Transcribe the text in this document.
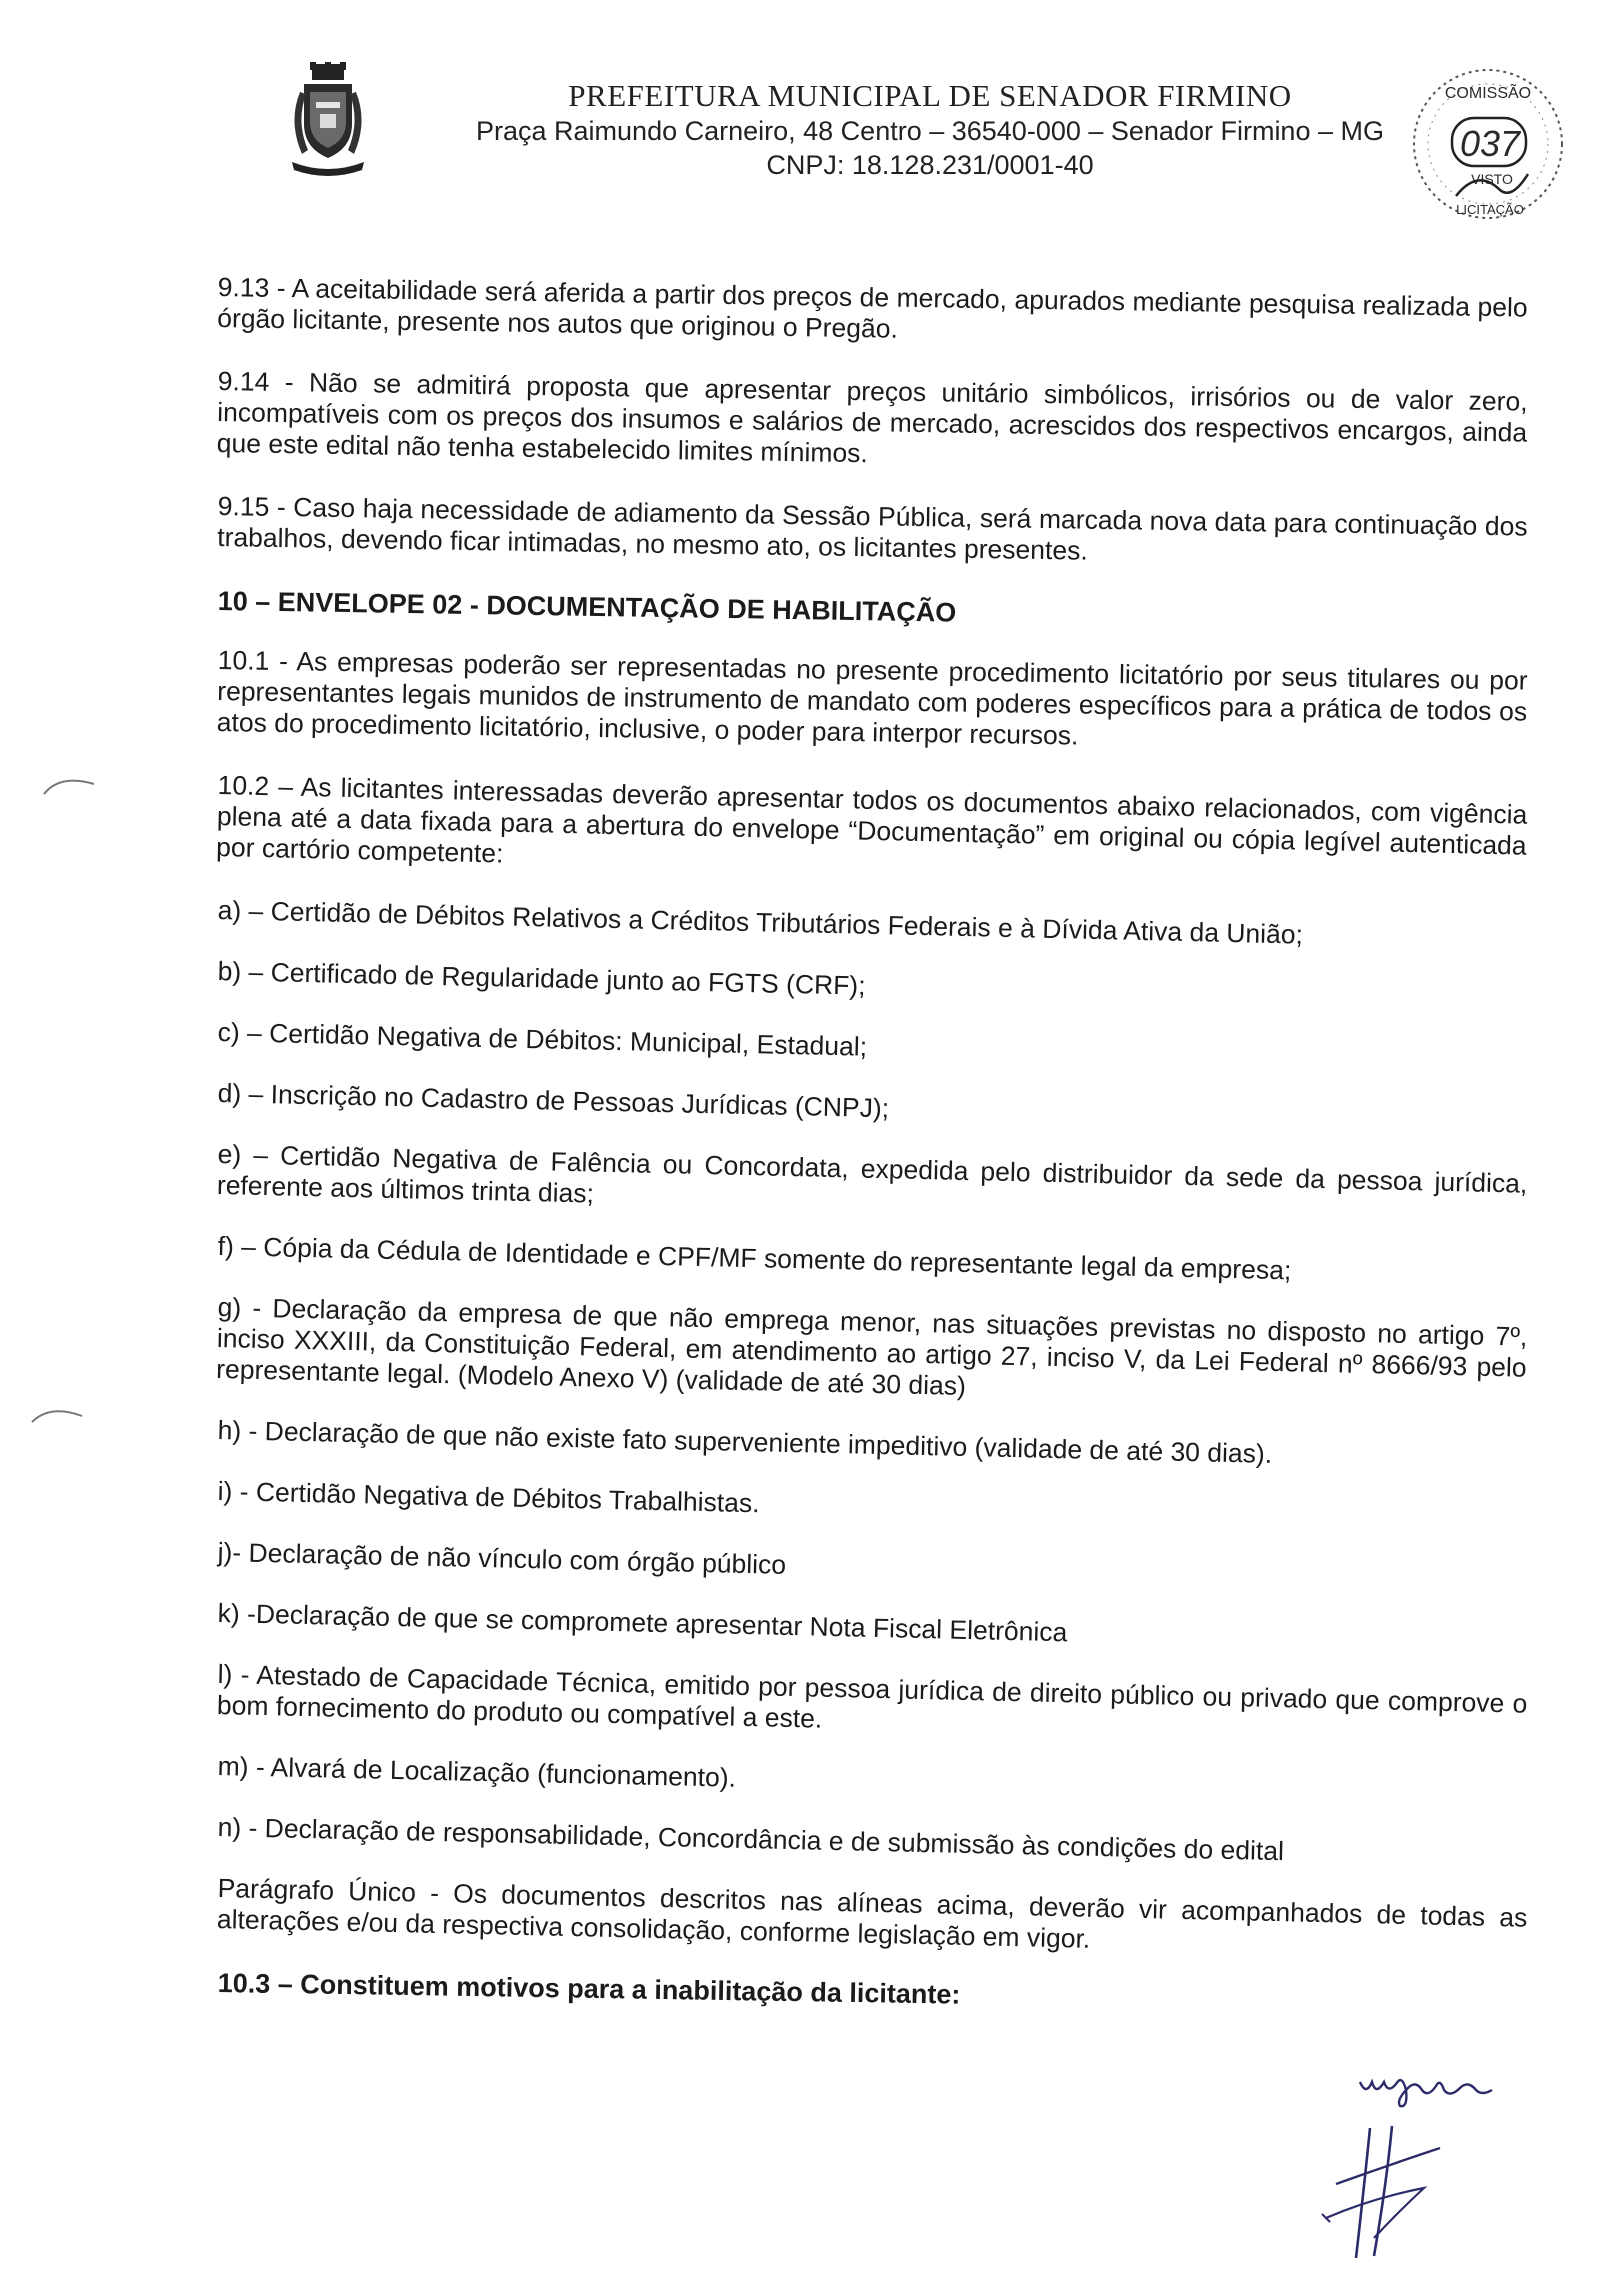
PREFEITURA MUNICIPAL DE SENADOR FIRMINO
Praça Raimundo Carneiro, 48 Centro – 36540-000 – Senador Firmino – MG
CNPJ: 18.128.231/0001-40
COMISSÃO
037
VISTO
LICITAÇÃO

9.13 - A aceitabilidade será aferida a partir dos preços de mercado, apurados mediante pesquisa realizada pelo órgão licitante, presente nos autos que originou o Pregão.

9.14 - Não se admitirá proposta que apresentar preços unitário simbólicos, irrisórios ou de valor zero, incompatíveis com os preços dos insumos e salários de mercado, acrescidos dos respectivos encargos, ainda que este edital não tenha estabelecido limites mínimos.

9.15 - Caso haja necessidade de adiamento da Sessão Pública, será marcada nova data para continuação dos trabalhos, devendo ficar intimadas, no mesmo ato, os licitantes presentes.

10 – ENVELOPE 02 - DOCUMENTAÇÃO DE HABILITAÇÃO

10.1 - As empresas poderão ser representadas no presente procedimento licitatório por seus titulares ou por representantes legais munidos de instrumento de mandato com poderes específicos para a prática de todos os atos do procedimento licitatório, inclusive, o poder para interpor recursos.

10.2 – As licitantes interessadas deverão apresentar todos os documentos abaixo relacionados, com vigência plena até a data fixada para a abertura do envelope “Documentação” em original ou cópia legível autenticada por cartório competente:

a) – Certidão de Débitos Relativos a Créditos Tributários Federais e à Dívida Ativa da União;
b) – Certificado de Regularidade junto ao FGTS (CRF);
c) – Certidão Negativa de Débitos: Municipal, Estadual;
d) – Inscrição no Cadastro de Pessoas Jurídicas (CNPJ);
e) – Certidão Negativa de Falência ou Concordata, expedida pelo distribuidor da sede da pessoa jurídica, referente aos últimos trinta dias;
f) – Cópia da Cédula de Identidade e CPF/MF somente do representante legal da empresa;
g) - Declaração da empresa de que não emprega menor, nas situações previstas no disposto no artigo 7º, inciso XXXIII, da Constituição Federal, em atendimento ao artigo 27, inciso V, da Lei Federal nº 8666/93 pelo representante legal. (Modelo Anexo V) (validade de até 30 dias)
h) - Declaração de que não existe fato superveniente impeditivo (validade de até 30 dias).
i) - Certidão Negativa de Débitos Trabalhistas.
j)- Declaração de não vínculo com órgão público
k) -Declaração de que se compromete apresentar Nota Fiscal Eletrônica
l) - Atestado de Capacidade Técnica, emitido por pessoa jurídica de direito público ou privado que comprove o bom fornecimento do produto ou compatível a este.
m) - Alvará de Localização (funcionamento).
n) - Declaração de responsabilidade, Concordância e de submissão às condições do edital

Parágrafo Único - Os documentos descritos nas alíneas acima, deverão vir acompanhados de todas as alterações e/ou da respectiva consolidação, conforme legislação em vigor.

10.3 – Constituem motivos para a inabilitação da licitante:
